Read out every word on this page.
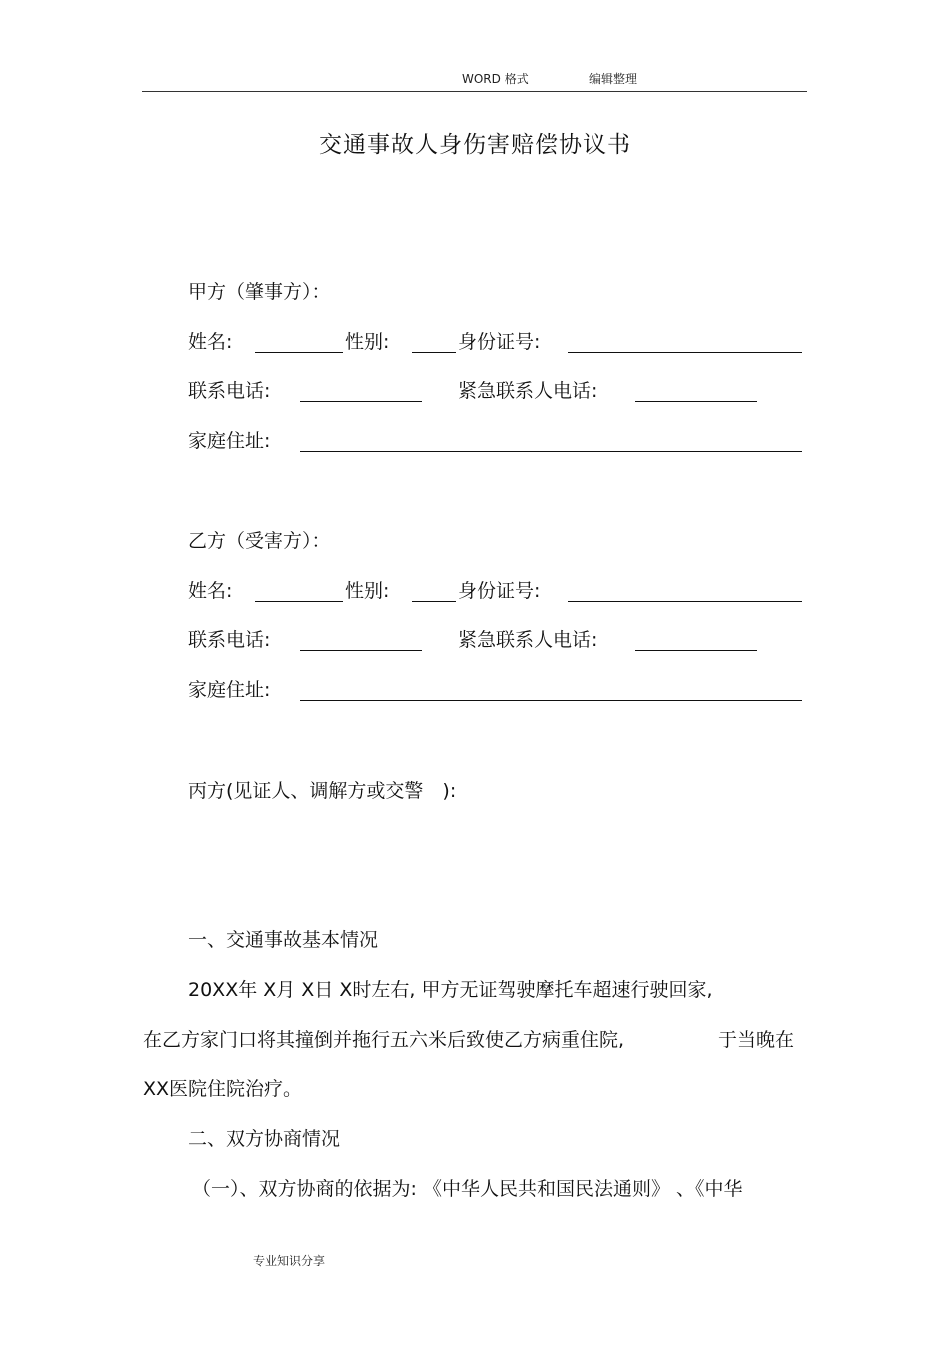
WORD 格式	编辑整理
交通事故人身伤害赔偿协议书
甲方（肇事方）：
姓名:	性别:	身份证号:
联系电话:	紧急联系人电话:
家庭住址:
乙方（受害方）：
姓名:	性别:	身份证号:
联系电话:	紧急联系人电话:
家庭住址:
丙方(见证人、调解方或交警　):
一、交通事故基本情况
20XX年 X月 X日 X时左右, 甲方无证驾驶摩托车超速行驶回家,
在乙方家门口将其撞倒并拖行五六米后致使乙方病重住院,	于当晚在
XX医院住院治疗。
二、双方协商情况
（一）、双方协商的依据为: 《中华人民共和国民法通则》 、《中华
专业知识分享
